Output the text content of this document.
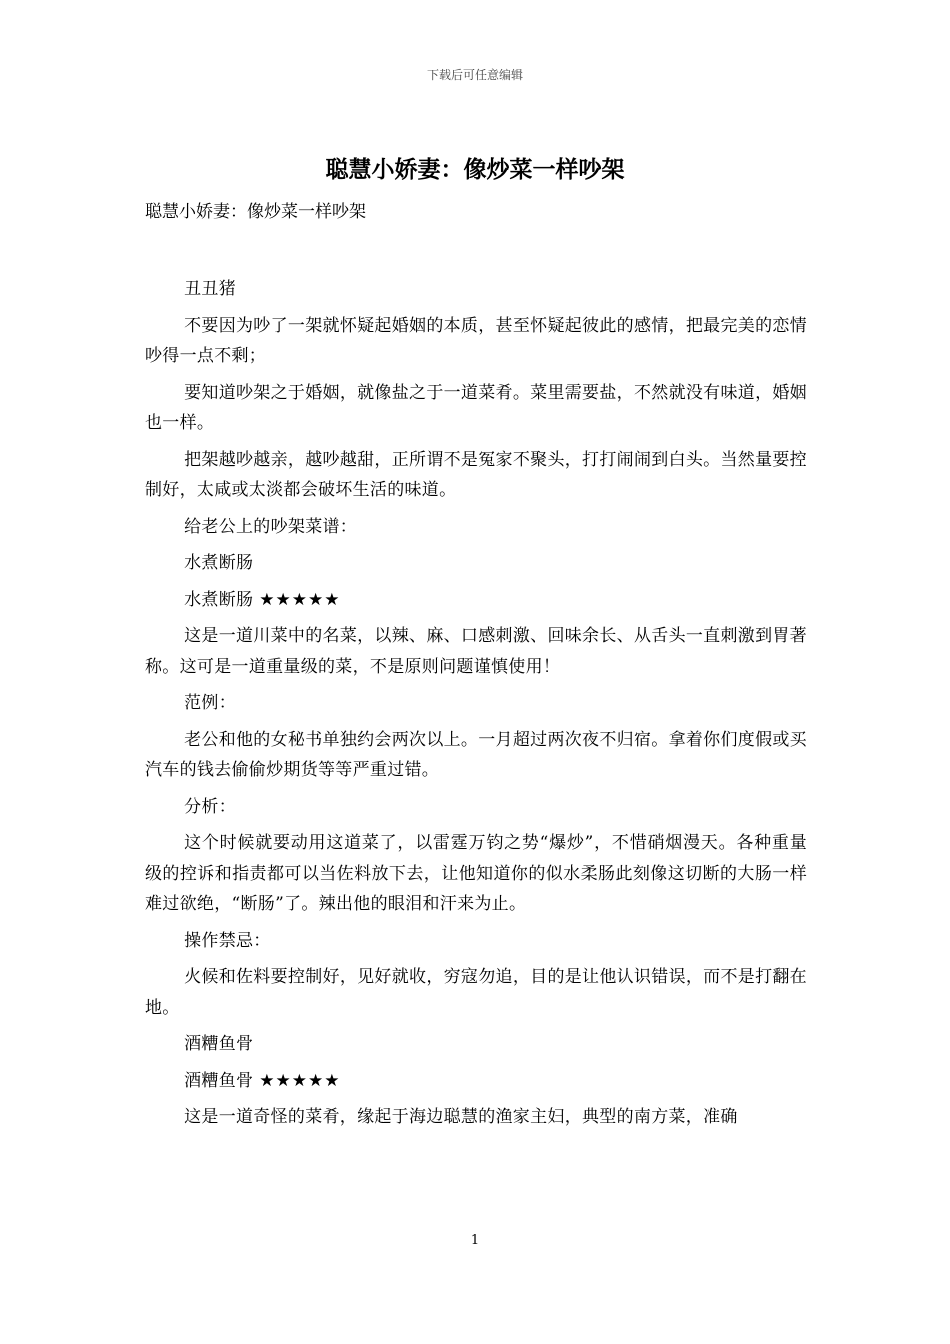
下载后可任意编辑
聪慧小娇妻：像炒菜一样吵架
聪慧小娇妻：像炒菜一样吵架

丑丑猪

不要因为吵了一架就怀疑起婚姻的本质，甚至怀疑起彼此的感情，把最完美的恋情吵得一点不剩；

要知道吵架之于婚姻，就像盐之于一道菜肴。菜里需要盐，不然就没有味道，婚姻也一样。

把架越吵越亲，越吵越甜，正所谓不是冤家不聚头，打打闹闹到白头。当然量要控制好，太咸或太淡都会破坏生活的味道。

给老公上的吵架菜谱：

水煮断肠

水煮断肠 ★★★★★

这是一道川菜中的名菜，以辣、麻、口感刺激、回味余长、从舌头一直刺激到胃著称。这可是一道重量级的菜，不是原则问题谨慎使用！

范例：

老公和他的女秘书单独约会两次以上。一月超过两次夜不归宿。拿着你们度假或买汽车的钱去偷偷炒期货等等严重过错。

分析：

这个时候就要动用这道菜了，以雷霆万钧之势“爆炒”，不惜硝烟漫天。各种重量级的控诉和指责都可以当佐料放下去，让他知道你的似水柔肠此刻像这切断的大肠一样难过欲绝，“断肠”了。辣出他的眼泪和汗来为止。

操作禁忌：

火候和佐料要控制好，见好就收，穷寇勿追，目的是让他认识错误，而不是打翻在地。

酒糟鱼骨

酒糟鱼骨 ★★★★★

这是一道奇怪的菜肴，缘起于海边聪慧的渔家主妇，典型的南方菜，准确

1
